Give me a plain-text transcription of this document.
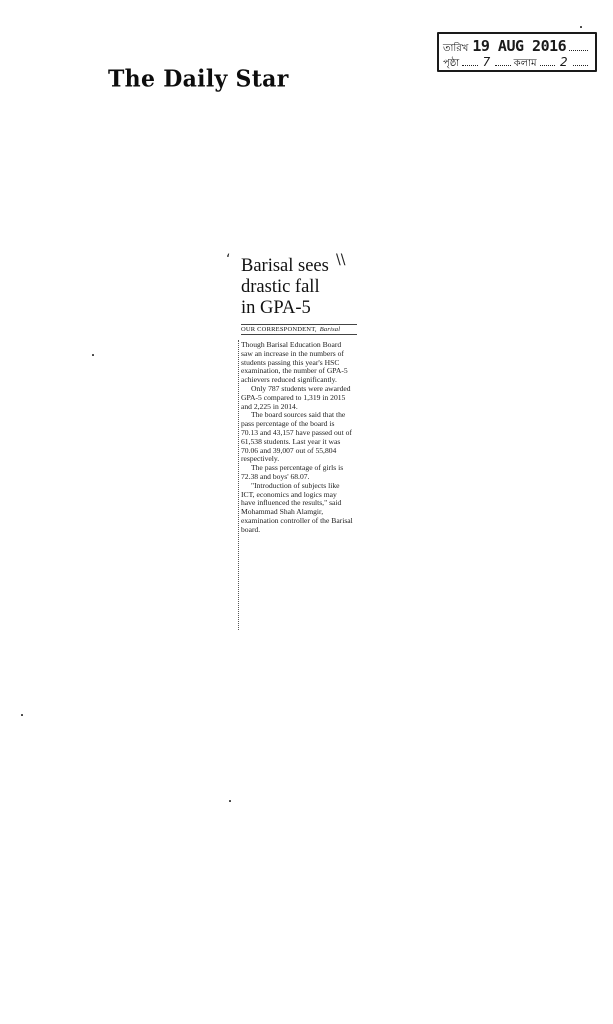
The Daily Star
তারিখ 19 AUG 2016
পৃষ্ঠা 7 কলাম 2
‘	\\
Barisal sees
drastic fall
in GPA-5
OUR CORRESPONDENT, Barisal

Though Barisal Education Board saw an increase in the numbers of students passing this year's HSC examination, the number of GPA-5 achievers reduced significantly.

Only 787 students were awarded GPA-5 compared to 1,319 in 2015 and 2,225 in 2014.

The board sources said that the pass percentage of the board is 70.13 and 43,157 have passed out of 61,538 students. Last year it was 70.06 and 39,007 out of 55,804 respectively.

The pass percentage of girls is 72.38 and boys' 68.07.

"Introduction of subjects like ICT, economics and logics may have influenced the results," said Mohammad Shah Alamgir, examination controller of the Barisal board.
